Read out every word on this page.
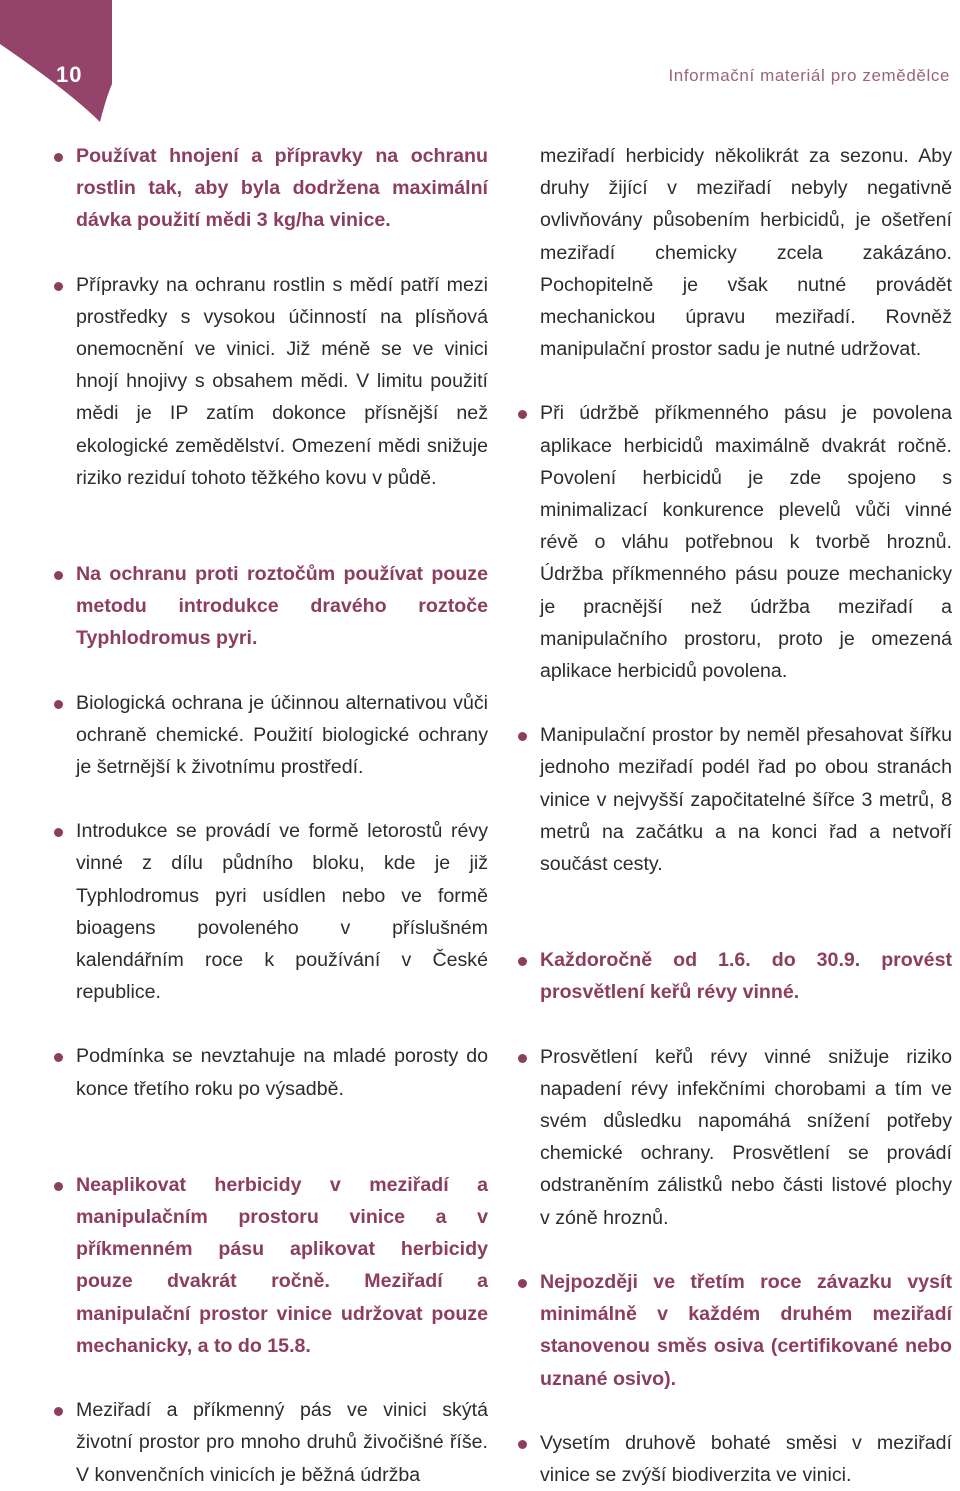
10	Informační materiál pro zemědělce

Používat hnojení a přípravky na ochranu rostlin tak, aby byla dodržena maximální dávka použití mědi 3 kg/ha vinice.

Přípravky na ochranu rostlin s mědí patří mezi prostředky s vysokou účinností na plísňová onemocnění ve vinici. Již méně se ve vinici hnojí hnojivy s obsahem mědi. V limitu použití mědi je IP zatím dokonce přísnější než ekologické zemědělství. Omezení mědi snižuje riziko reziduí tohoto těžkého kovu v půdě.

Na ochranu proti roztočům používat pouze metodu introdukce dravého roztoče Typhlodromus pyri.

Biologická ochrana je účinnou alternativou vůči ochraně chemické. Použití biologické ochrany je šetrnější k životnímu prostředí.

Introdukce se provádí ve formě letorostů révy vinné z dílu půdního bloku, kde je již Typhlodromus pyri usídlen nebo ve formě bioagens povoleného v příslušném kalendářním roce k používání v České republice.

Podmínka se nevztahuje na mladé porosty do konce třetího roku po výsadbě.

Neaplikovat herbicidy v meziřadí a manipulačním prostoru vinice a v příkmenném pásu aplikovat herbicidy pouze dvakrát ročně. Meziřadí a manipulační prostor vinice udržovat pouze mechanicky, a to do 15.8.

Meziřadí a příkmenný pás ve vinici skýtá životní prostor pro mnoho druhů živočišné říše. V konvenčních vinicích je běžná údržba

meziřadí herbicidy několikrát za sezonu. Aby druhy žijící v meziřadí nebyly negativně ovlivňovány působením herbicidů, je ošetření meziřadí chemicky zcela zakázáno. Pochopitelně je však nutné provádět mechanickou úpravu meziřadí. Rovněž manipulační prostor sadu je nutné udržovat.

Při údržbě příkmenného pásu je povolena aplikace herbicidů maximálně dvakrát ročně. Povolení herbicidů je zde spojeno s minimalizací konkurence plevelů vůči vinné révě o vláhu potřebnou k tvorbě hroznů. Údržba příkmenného pásu pouze mechanicky je pracnější než údržba meziřadí a manipulačního prostoru, proto je omezená aplikace herbicidů povolena.

Manipulační prostor by neměl přesahovat šířku jednoho meziřadí podél řad po obou stranách vinice v nejvyšší započitatelné šířce 3 metrů, 8 metrů na začátku a na konci řad a netvoří součást cesty.

Každoročně od 1.6. do 30.9. provést prosvětlení keřů révy vinné.

Prosvětlení keřů révy vinné snižuje riziko napadení révy infekčními chorobami a tím ve svém důsledku napomáhá snížení potřeby chemické ochrany. Prosvětlení se provádí odstraněním zálistků nebo části listové plochy v zóně hroznů.

Nejpozději ve třetím roce závazku vysít minimálně v každém druhém meziřadí stanovenou směs osiva (certifikované nebo uznané osivo).

Vysetím druhově bohaté směsi v meziřadí vinice se zvýší biodiverzita ve vinici.
